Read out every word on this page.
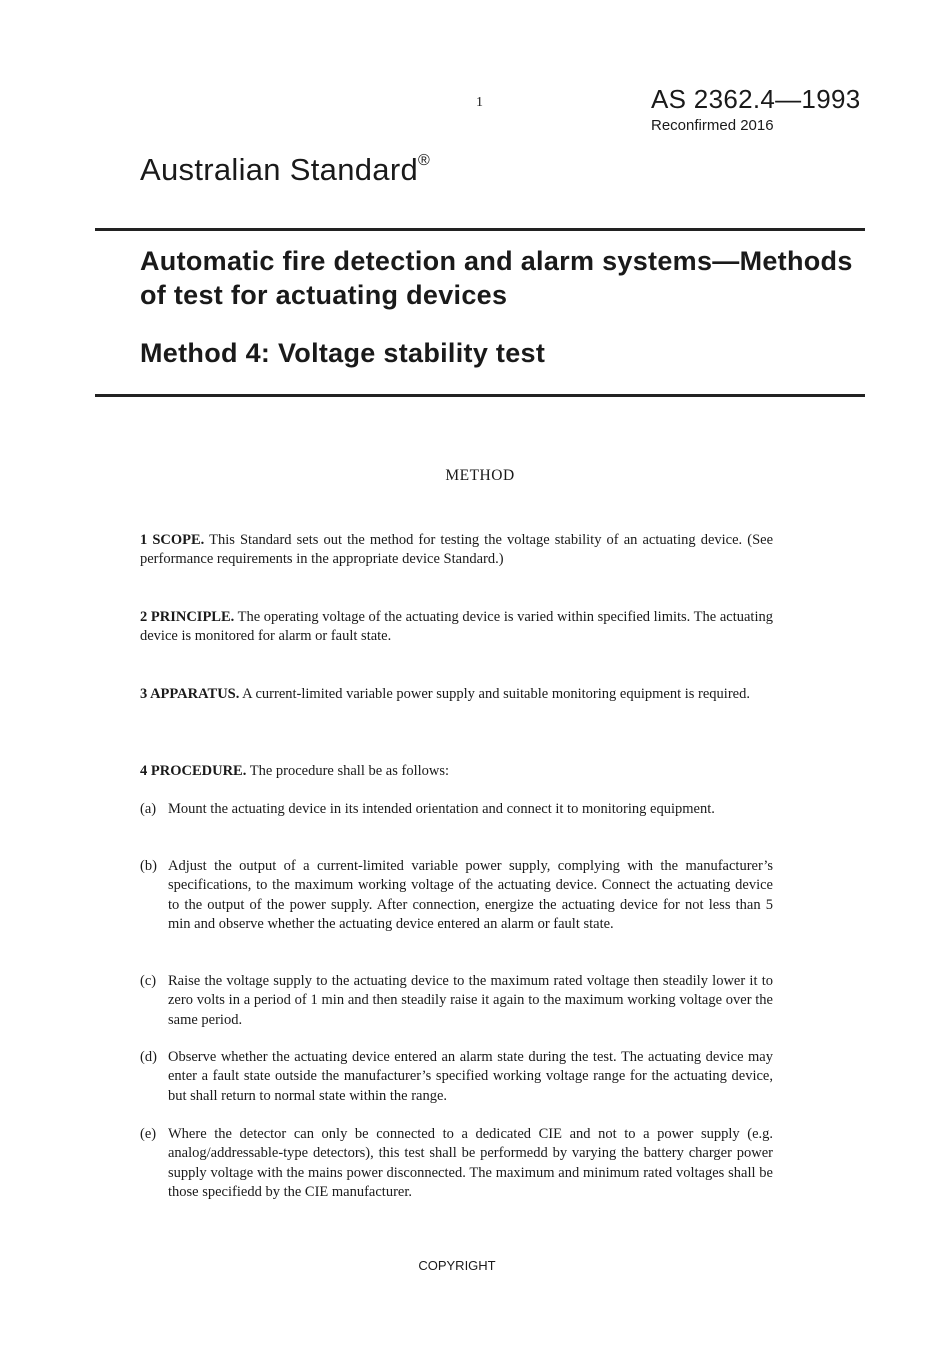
1	AS 2362.4—1993
Reconfirmed 2016
Australian Standard®
Automatic fire detection and alarm systems—Methods of test for actuating devices
Method 4: Voltage stability test
METHOD
1 SCOPE. This Standard sets out the method for testing the voltage stability of an actuating device. (See performance requirements in the appropriate device Standard.)
2 PRINCIPLE. The operating voltage of the actuating device is varied within specified limits. The actuating device is monitored for alarm or fault state.
3 APPARATUS. A current-limited variable power supply and suitable monitoring equipment is required.
4 PROCEDURE. The procedure shall be as follows:
(a) Mount the actuating device in its intended orientation and connect it to monitoring equipment.
(b) Adjust the output of a current-limited variable power supply, complying with the manufacturer’s specifications, to the maximum working voltage of the actuating device. Connect the actuating device to the output of the power supply. After connection, energize the actuating device for not less than 5 min and observe whether the actuating device entered an alarm or fault state.
(c) Raise the voltage supply to the actuating device to the maximum rated voltage then steadily lower it to zero volts in a period of 1 min and then steadily raise it again to the maximum working voltage over the same period.
(d) Observe whether the actuating device entered an alarm state during the test. The actuating device may enter a fault state outside the manufacturer’s specified working voltage range for the actuating device, but shall return to normal state within the range.
(e) Where the detector can only be connected to a dedicated CIE and not to a power supply (e.g. analog/addressable-type detectors), this test shall be performedd by varying the battery charger power supply voltage with the mains power disconnected. The maximum and minimum rated voltages shall be those specifiedd by the CIE manufacturer.
COPYRIGHT
